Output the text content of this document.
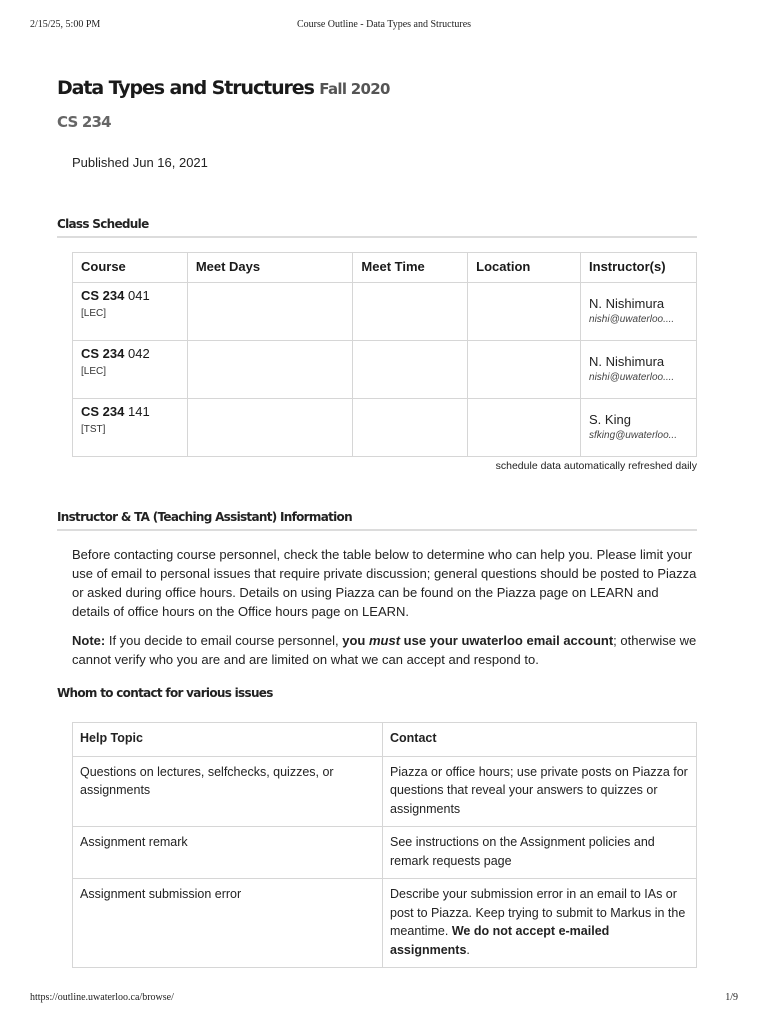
2/15/25, 5:00 PM	Course Outline - Data Types and Structures
Data Types and Structures Fall 2020
CS 234
Published Jun 16, 2021
Class Schedule
Course	Meet Days	Meet Time	Location	Instructor(s)
CS 234 041
[LEC]				N. Nishimura
nishi@uwaterloo....

CS 234 042
[LEC]				N. Nishimura
nishi@uwaterloo....

CS 234 141
[TST]				S. King
sfking@uwaterloo...
schedule data automatically refreshed daily
Instructor & TA (Teaching Assistant) Information

Before contacting course personnel, check the table below to determine who can help you. Please limit your use of email to personal issues that require private discussion; general questions should be posted to Piazza or asked during office hours. Details on using Piazza can be found on the Piazza page on LEARN and details of office hours on the Office hours page on LEARN.

Note: If you decide to email course personnel, you must use your uwaterloo email account; otherwise we cannot verify who you are and are limited on what we can accept and respond to.

Whom to contact for various issues
Help Topic	Contact
Questions on lectures, selfchecks, quizzes, or assignments	Piazza or office hours; use private posts on Piazza for questions that reveal your answers to quizzes or assignments
Assignment remark	See instructions on the Assignment policies and remark requests page
Assignment submission error	Describe your submission error in an email to IAs or post to Piazza. Keep trying to submit to Markus in the meantime. We do not accept e-mailed assignments.
https://outline.uwaterloo.ca/browse/	1/9
